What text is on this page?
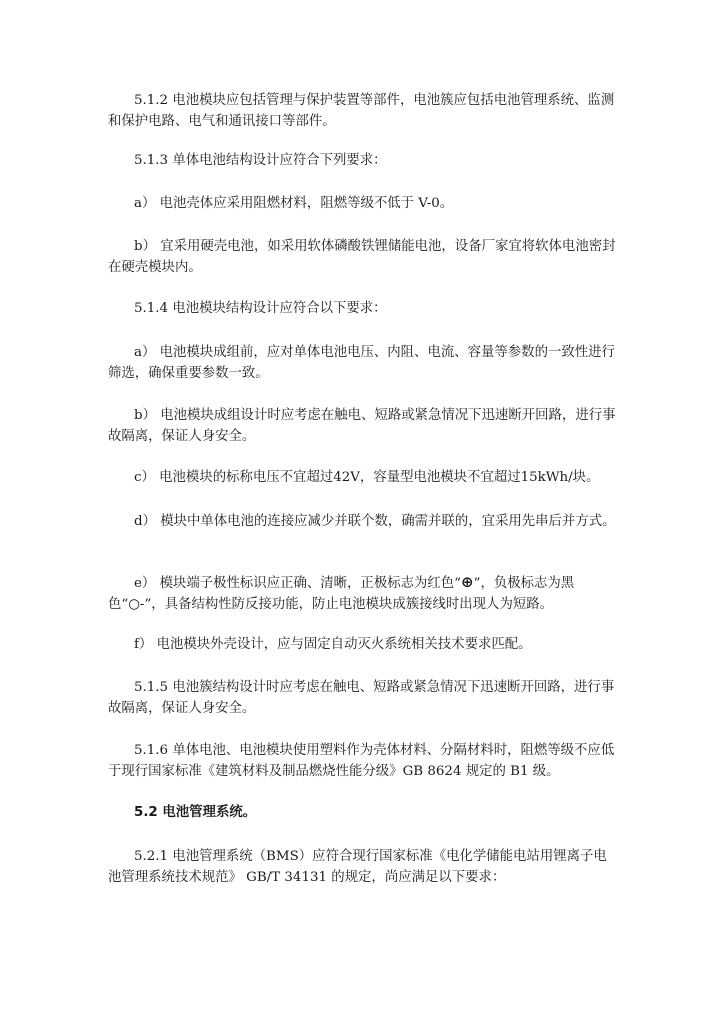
5.1.2 电池模块应包括管理与保护装置等部件，电池簇应包括电池管理系统、监测和保护电路、电气和通讯接口等部件。

5.1.3 单体电池结构设计应符合下列要求：

a） 电池壳体应采用阻燃材料，阻燃等级不低于 V-0。

b） 宜采用硬壳电池，如采用软体磷酸铁锂储能电池，设备厂家宜将软体电池密封在硬壳模块内。

5.1.4 电池模块结构设计应符合以下要求：

a） 电池模块成组前，应对单体电池电压、内阻、电流、容量等参数的一致性进行筛选，确保重要参数一致。

b） 电池模块成组设计时应考虑在触电、短路或紧急情况下迅速断开回路，进行事故隔离，保证人身安全。

c） 电池模块的标称电压不宜超过42V，容量型电池模块不宜超过15kWh/块。

d） 模块中单体电池的连接应减少并联个数，确需并联的，宜采用先串后并方式。

e） 模块端子极性标识应正确、清晰，正极标志为红色“⊕”，负极标志为黑色“○-”，具备结构性防反接功能，防止电池模块成簇接线时出现人为短路。

f） 电池模块外壳设计，应与固定自动灭火系统相关技术要求匹配。

5.1.5 电池簇结构设计时应考虑在触电、短路或紧急情况下迅速断开回路，进行事故隔离，保证人身安全。

5.1.6 单体电池、电池模块使用塑料作为壳体材料、分隔材料时，阻燃等级不应低于现行国家标准《建筑材料及制品燃烧性能分级》GB 8624 规定的 B1 级。

5.2 电池管理系统。

5.2.1 电池管理系统（BMS）应符合现行国家标准《电化学储能电站用锂离子电池管理系统技术规范》 GB/T 34131 的规定，尚应满足以下要求：
